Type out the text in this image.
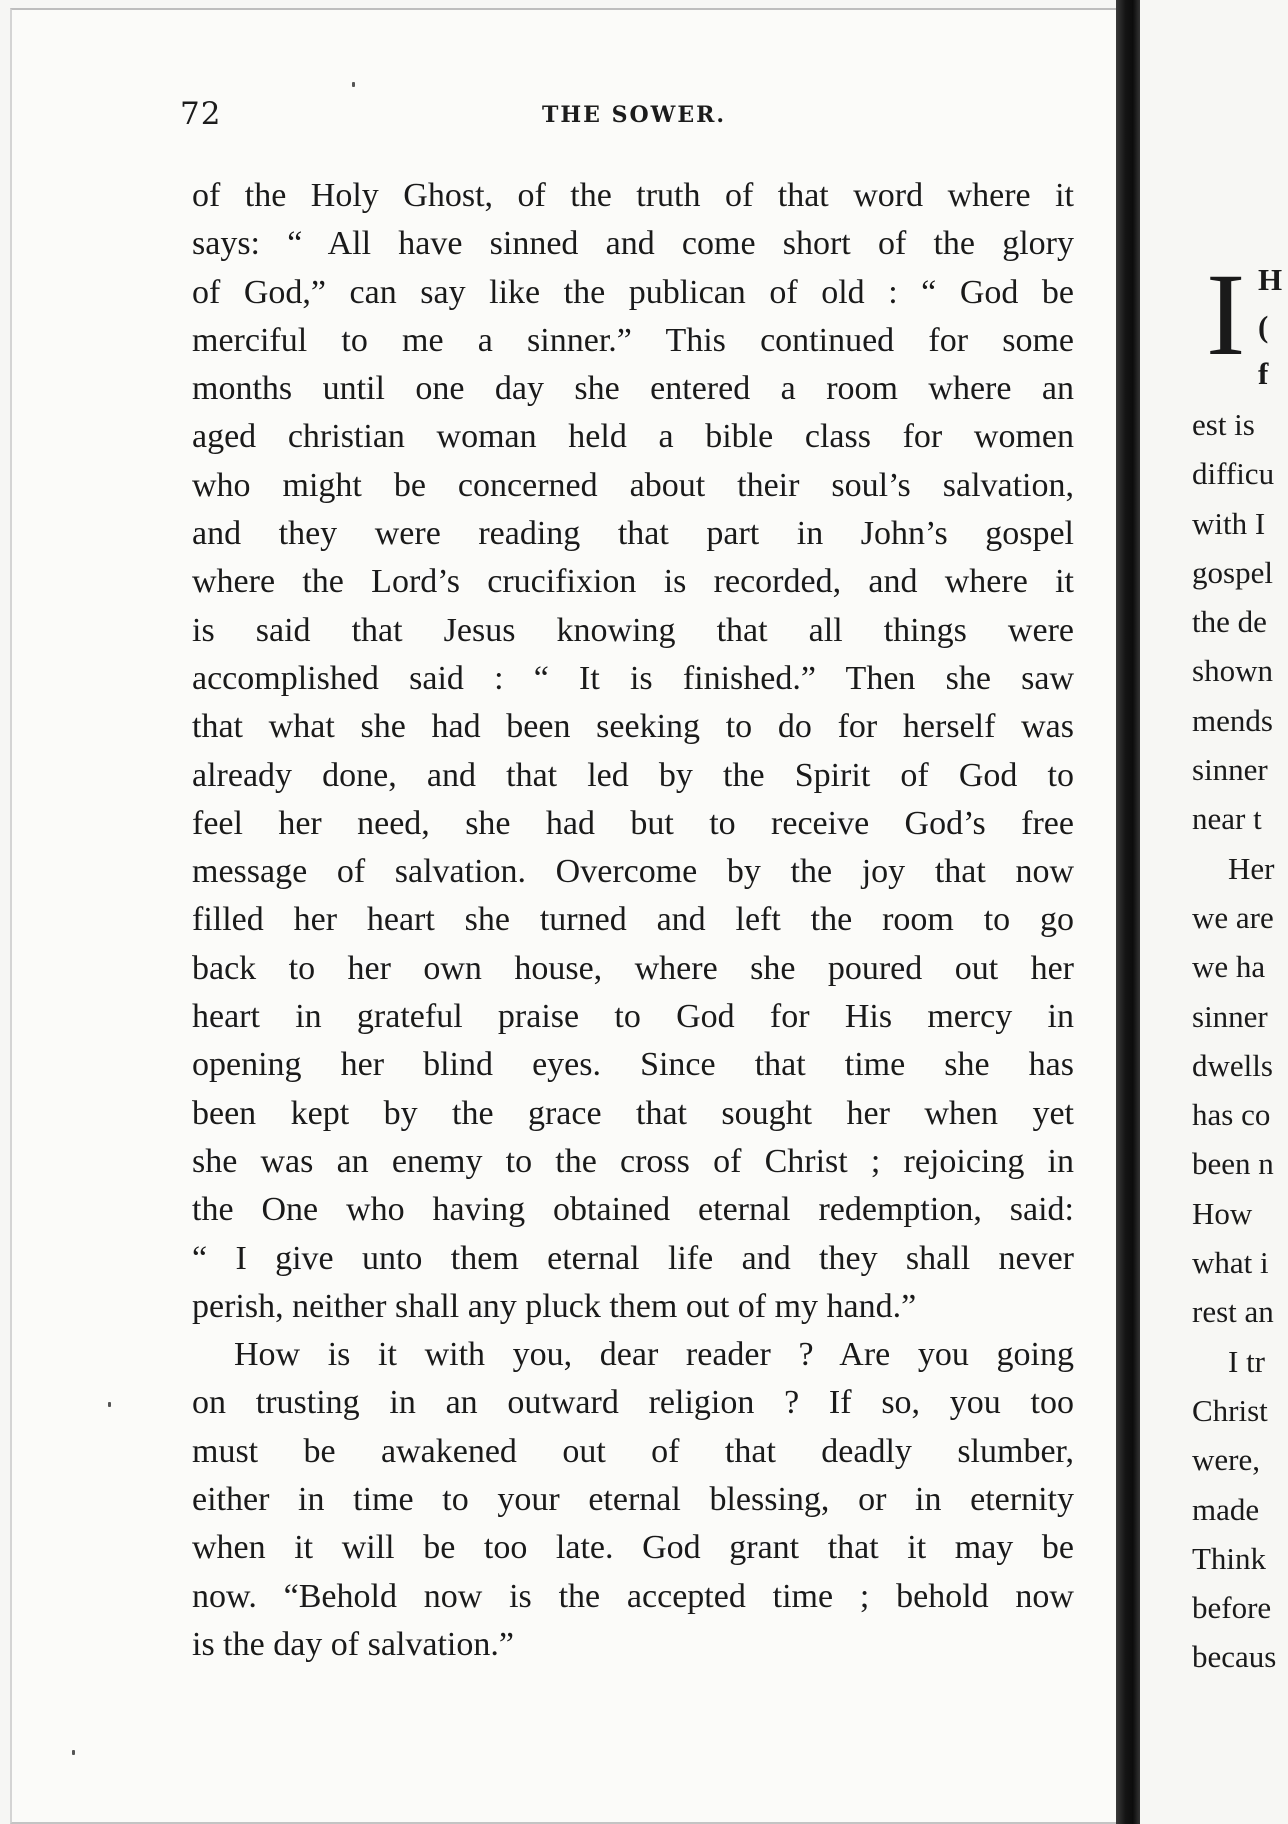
72	THE SOWER.
of the Holy Ghost, of the truth of that word where it
says: “ All have sinned and come short of the glory
of God,” can say like the publican of old : “ God be
merciful to me a sinner.” This continued for some
months until one day she entered a room where an
aged christian woman held a bible class for women
who might be concerned about their soul’s salvation,
and they were reading that part in John’s gospel
where the Lord’s crucifixion is recorded, and where it
is said that Jesus knowing that all things were
accomplished said : “ It is finished.” Then she saw
that what she had been seeking to do for herself was
already done, and that led by the Spirit of God to
feel her need, she had but to receive God’s free
message of salvation. Overcome by the joy that now
filled her heart she turned and left the room to go
back to her own house, where she poured out her
heart in grateful praise to God for His mercy in
opening her blind eyes. Since that time she has
been kept by the grace that sought her when yet
she was an enemy to the cross of Christ ; rejoicing in
the One who having obtained eternal redemption, said:
“ I give unto them eternal life and they shall never
perish, neither shall any pluck them out of my hand.”
How is it with you, dear reader ? Are you going
on trusting in an outward religion ? If so, you too
must be awakened out of that deadly slumber,
either in time to your eternal blessing, or in eternity
when it will be too late. God grant that it may be
now. “Behold now is the accepted time ; behold now
is the day of salvation.”
I H
(
f
est is
difficu
with I
gospel
the de
shown
mends
sinner
near t
Her
we are
we ha
sinner
dwells
has co
been n
How
what i
rest an
I tr
Christ
were,
made
Think
before
becaus
